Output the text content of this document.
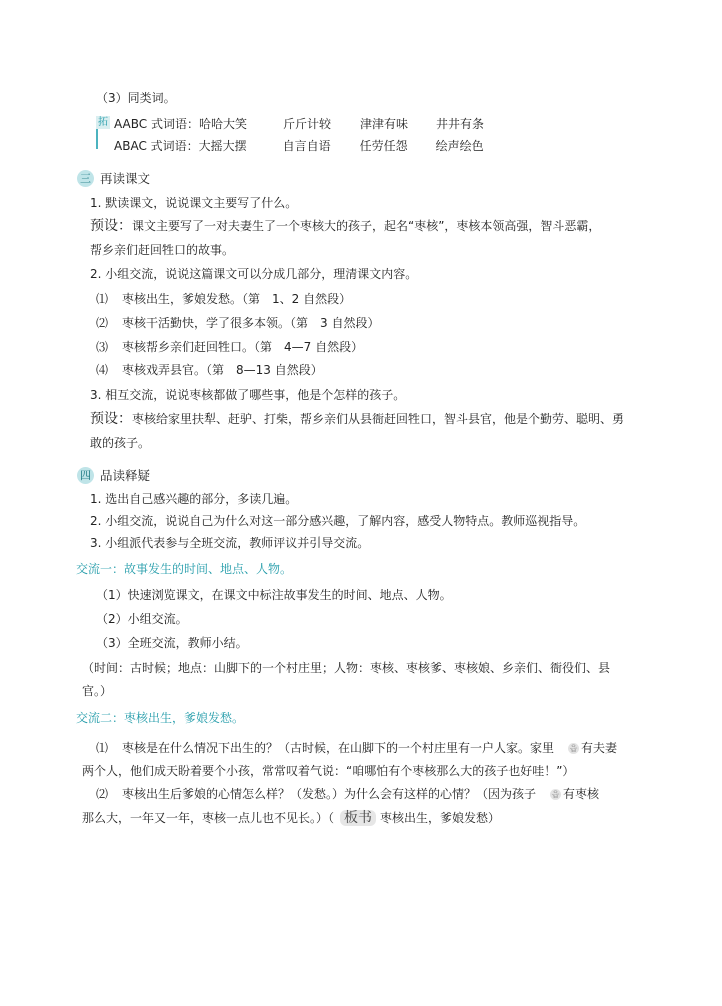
（3）同类词。
拓 AABC 式词语：哈哈大笑	斤斤计较 津津有味 井井有条
ABAC 式词语：大摇大摆	自言自语 任劳任怨 绘声绘色
三 再读课文
1. 默读课文，说说课文主要写了什么。
预设：课文主要写了一对夫妻生了一个枣核大的孩子，起名“枣核”，枣核本领高强，智斗恶霸，
帮乡亲们赶回牲口的故事。
2. 小组交流，说说这篇课文可以分成几部分，理清课文内容。
⑴ 枣核出生，爹娘发愁。（第　1、2 自然段）
⑵ 枣核干活勤快，学了很多本领。（第　3 自然段）
⑶ 枣核帮乡亲们赶回牲口。（第　4—7 自然段）
⑷ 枣核戏弄县官。（第　8—13 自然段）
3. 相互交流，说说枣核都做了哪些事，他是个怎样的孩子。
预设：枣核给家里扶犁、赶驴、打柴，帮乡亲们从县衙赶回牲口，智斗县官，他是个勤劳、聪明、勇
敢的孩子。
四 品读释疑
1. 选出自己感兴趣的部分，多读几遍。
2. 小组交流，说说自己为什么对这一部分感兴趣，了解内容，感受人物特点。教师巡视指导。
3. 小组派代表参与全班交流，教师评议并引导交流。
交流一：故事发生的时间、地点、人物。
（1）快速浏览课文，在课文中标注故事发生的时间、地点、人物。
（2）小组交流。
（3）全班交流，教师小结。
（时间：古时候；地点：山脚下的一个村庄里；人物：枣核、枣核爹、枣核娘、乡亲们、衙役们、县
官。）
交流二：枣核出生，爹娘发愁。
⑴ 枣核是在什么情况下出生的？（古时候，在山脚下的一个村庄里有一户人家。家里 읍 有夫妻
两个人，他们成天盼着要个小孩，常常叹着气说：“咱哪怕有个枣核那么大的孩子也好哇！”）
⑵ 枣核出生后爹娘的心情怎么样？（发愁。）为什么会有这样的心情？（因为孩子 읍 有枣核
那么大，一年又一年，枣核一点儿也不见长。）（ 板书 枣核出生，爹娘发愁）
